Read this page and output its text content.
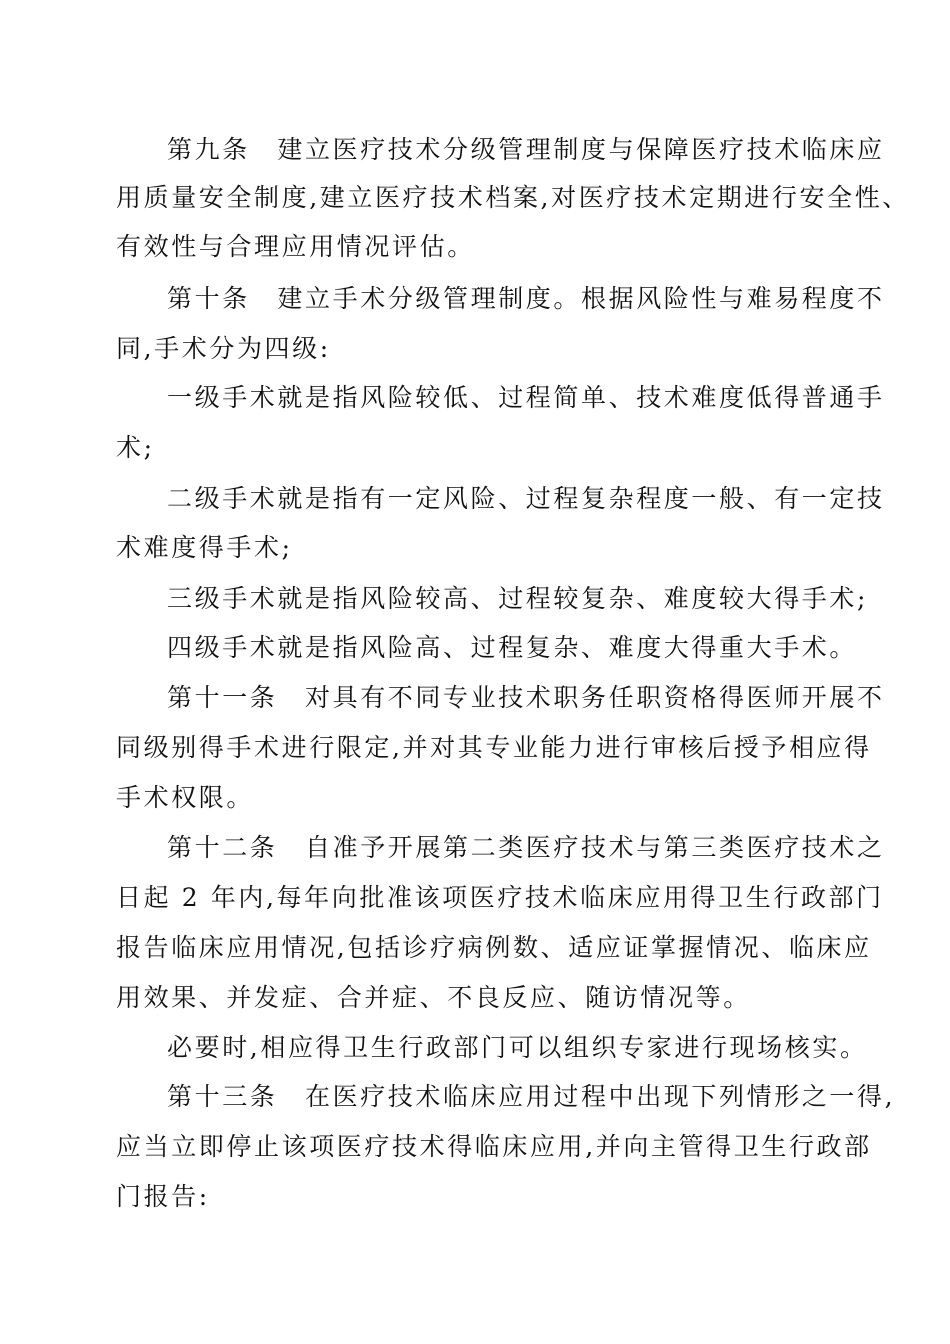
第九条　建立医疗技术分级管理制度与保障医疗技术临床应
用质量安全制度,建立医疗技术档案,对医疗技术定期进行安全性、
有效性与合理应用情况评估。
第十条　建立手术分级管理制度。根据风险性与难易程度不
同,手术分为四级:
一级手术就是指风险较低、过程简单、技术难度低得普通手
术;
二级手术就是指有一定风险、过程复杂程度一般、有一定技
术难度得手术;
三级手术就是指风险较高、过程较复杂、难度较大得手术;
四级手术就是指风险高、过程复杂、难度大得重大手术。
第十一条　对具有不同专业技术职务任职资格得医师开展不
同级别得手术进行限定,并对其专业能力进行审核后授予相应得
手术权限。
第十二条　自准予开展第二类医疗技术与第三类医疗技术之
日起 2 年内,每年向批准该项医疗技术临床应用得卫生行政部门
报告临床应用情况,包括诊疗病例数、适应证掌握情况、临床应
用效果、并发症、合并症、不良反应、随访情况等。
必要时,相应得卫生行政部门可以组织专家进行现场核实。
第十三条　在医疗技术临床应用过程中出现下列情形之一得,
应当立即停止该项医疗技术得临床应用,并向主管得卫生行政部
门报告:
